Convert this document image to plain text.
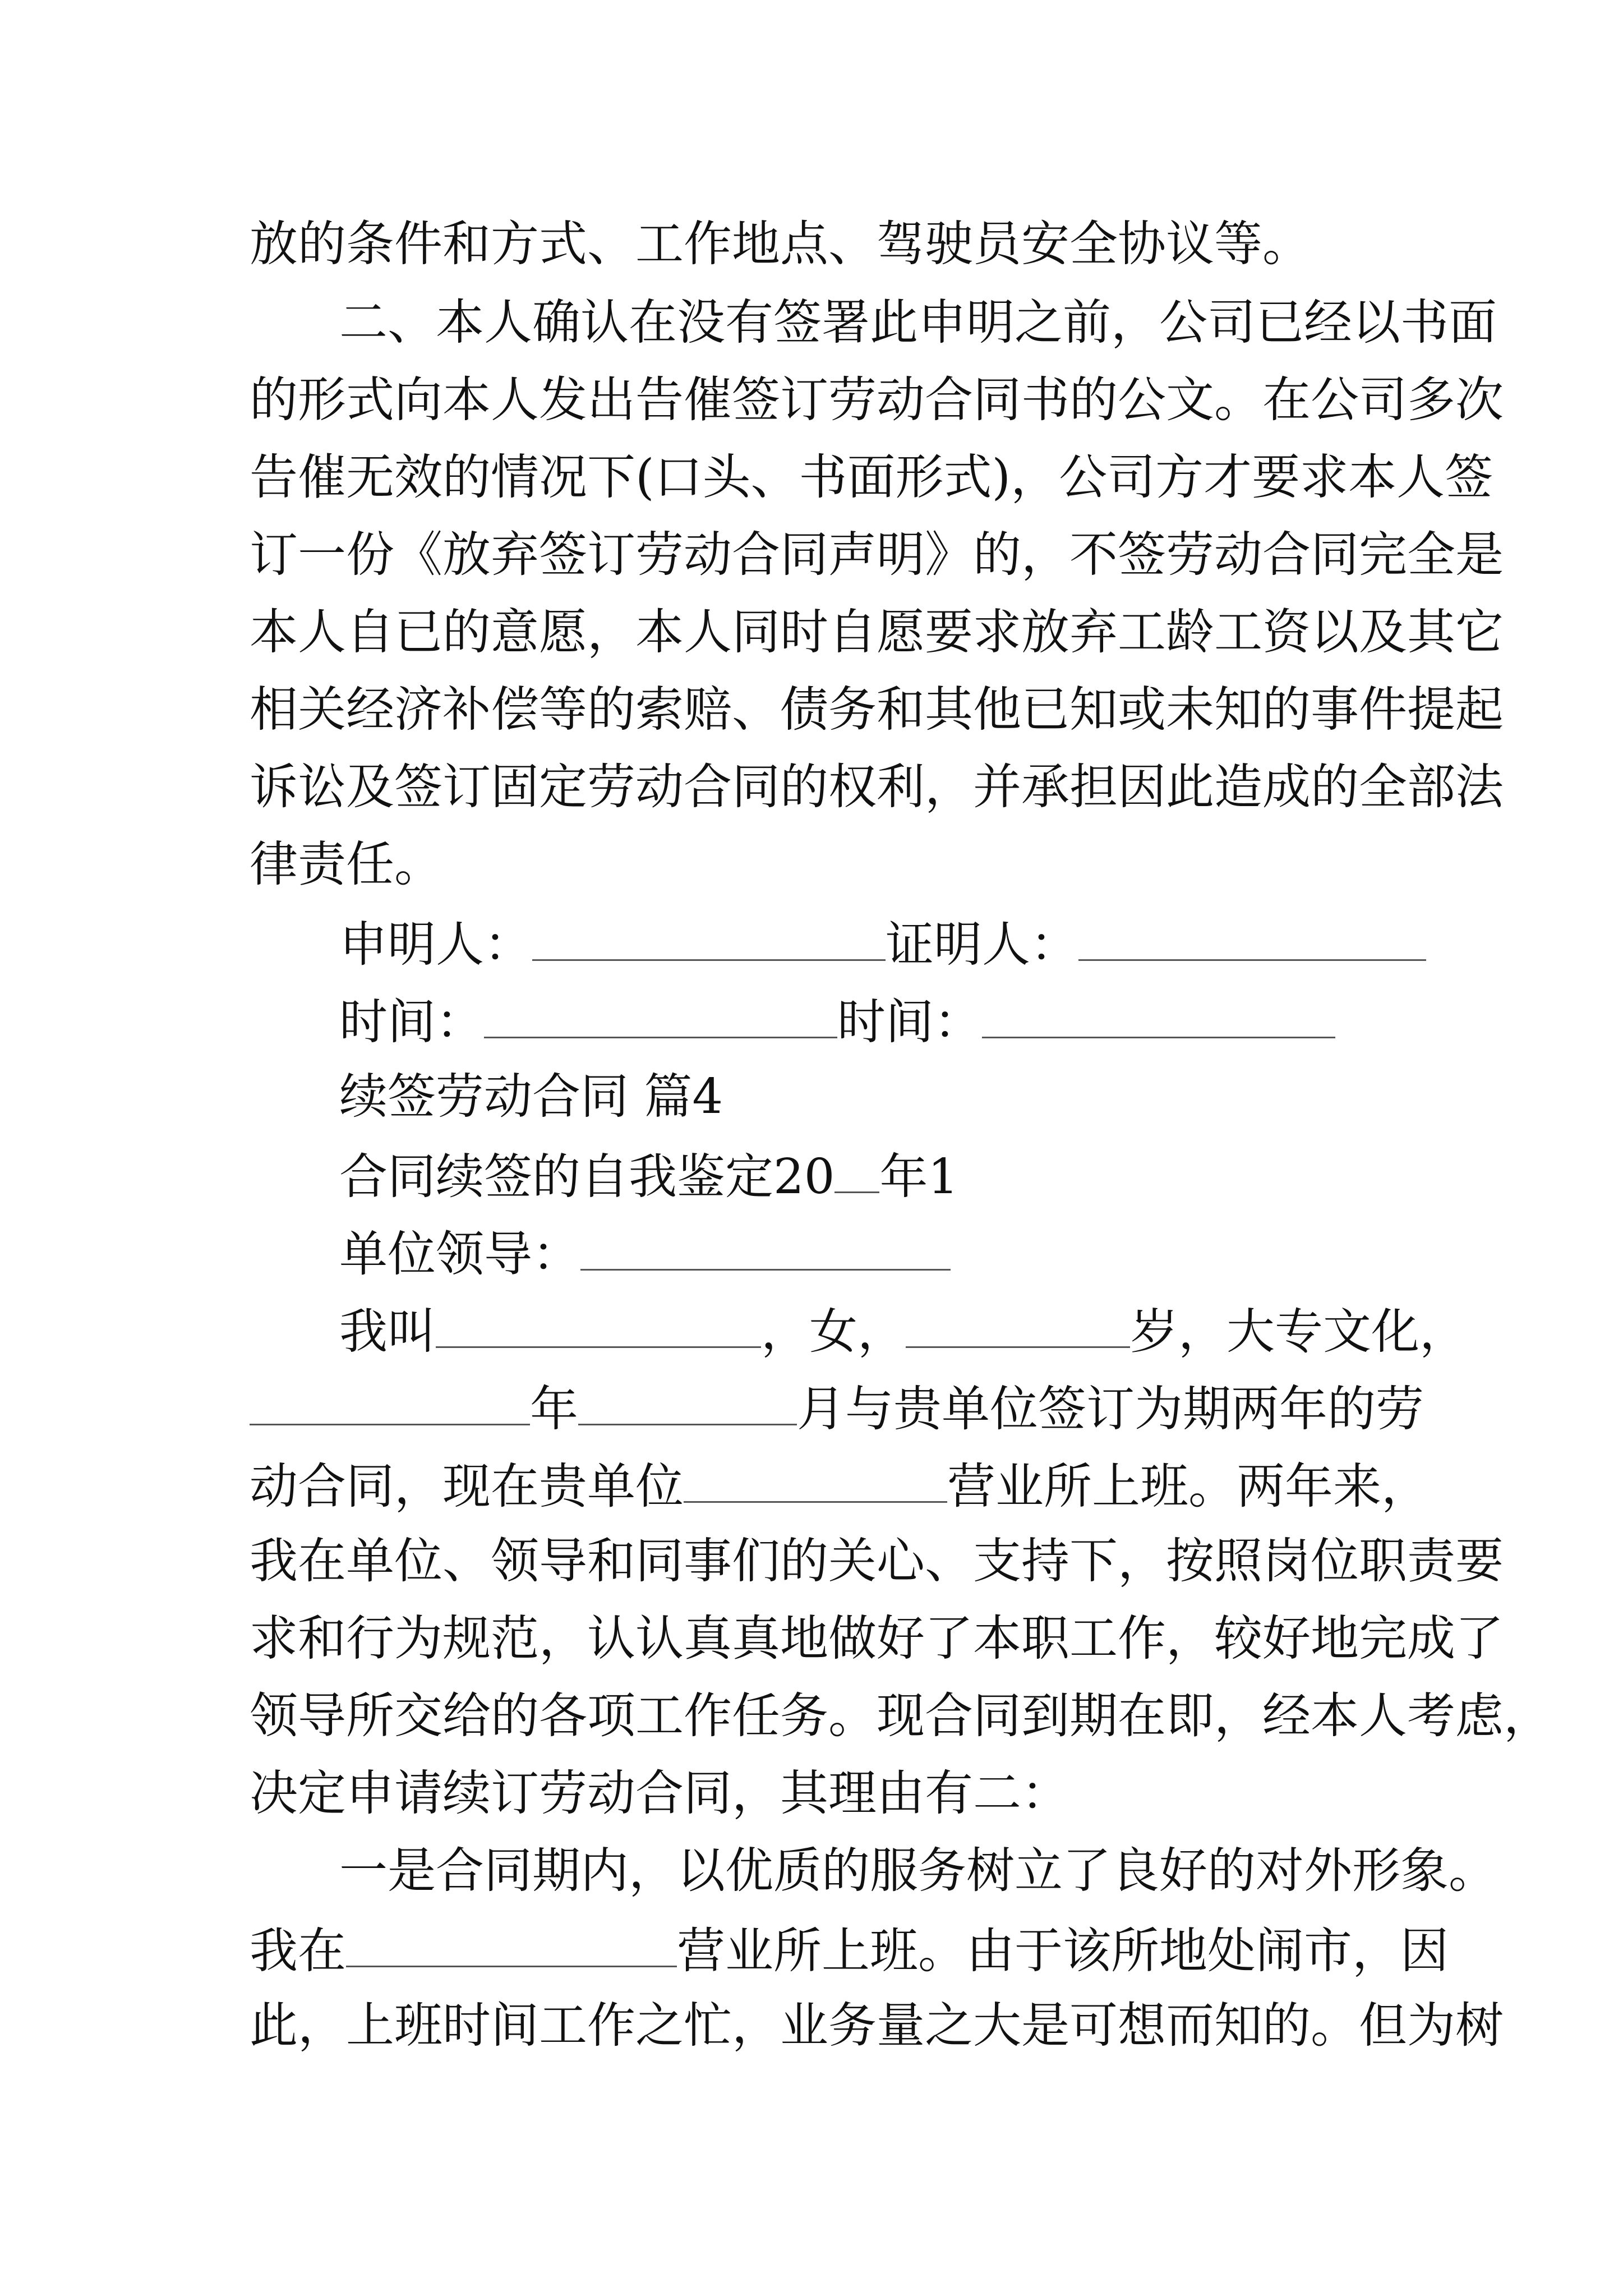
放的条件和方式、工作地点、驾驶员安全协议等。
二、本人确认在没有签署此申明之前，公司已经以书面
的形式向本人发出告催签订劳动合同书的公文。在公司多次
告催无效的情况下(口头、书面形式)，公司方才要求本人签
订一份《放弃签订劳动合同声明》的，不签劳动合同完全是
本人自已的意愿，本人同时自愿要求放弃工龄工资以及其它
相关经济补偿等的索赔、债务和其他已知或未知的事件提起
诉讼及签订固定劳动合同的权利，并承担因此造成的全部法
律责任。
申明人：	证明人：
时间：	时间：
续签劳动合同 篇4
合同续签的自我鉴定20 年1
单位领导：
我叫	，女，	岁，大专文化，
年	月与贵单位签订为期两年的劳
动合同，现在贵单位	营业所上班。两年来，
我在单位、领导和同事们的关心、支持下，按照岗位职责要
求和行为规范，认认真真地做好了本职工作，较好地完成了
领导所交给的各项工作任务。现合同到期在即，经本人考虑，
决定申请续订劳动合同，其理由有二：
一是合同期内，以优质的服务树立了良好的对外形象。
我在	营业所上班。由于该所地处闹市，因
此，上班时间工作之忙，业务量之大是可想而知的。但为树
